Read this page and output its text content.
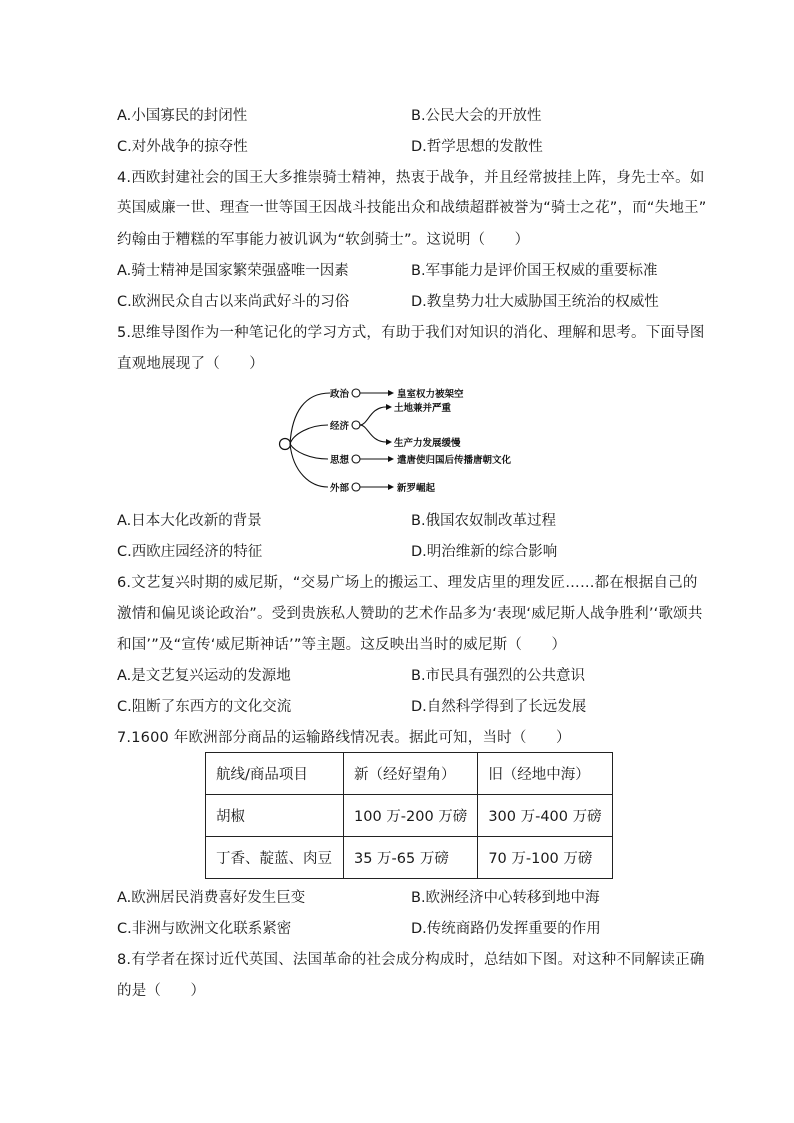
A.小国寡民的封闭性	B.公民大会的开放性
C.对外战争的掠夺性	D.哲学思想的发散性
4.西欧封建社会的国王大多推崇骑士精神，热衷于战争，并且经常披挂上阵，身先士卒。如
英国威廉一世、理查一世等国王因战斗技能出众和战绩超群被誉为“骑士之花”，而“失地王”
约翰由于糟糕的军事能力被讥讽为“软剑骑士”。这说明（　　）
A.骑士精神是国家繁荣强盛唯一因素	B.军事能力是评价国王权威的重要标准
C.欧洲民众自古以来尚武好斗的习俗	D.教皇势力壮大威胁国王统治的权威性
5.思维导图作为一种笔记化的学习方式，有助于我们对知识的消化、理解和思考。下面导图
直观地展现了（　　）
政治
经济
思想
外部
皇室权力被架空
土地兼并严重
生产力发展缓慢
遣唐使归国后传播唐朝文化
新罗崛起
A.日本大化改新的背景	B.俄国农奴制改革过程
C.西欧庄园经济的特征	D.明治维新的综合影响
6.文艺复兴时期的威尼斯，“交易广场上的搬运工、理发店里的理发匠……都在根据自己的
激情和偏见谈论政治”。受到贵族私人赞助的艺术作品多为‘表现‘威尼斯人战争胜利’‘歌颂共
和国’”及“宣传‘威尼斯神话’”等主题。这反映出当时的威尼斯（　　）
A.是文艺复兴运动的发源地	B.市民具有强烈的公共意识
C.阻断了东西方的文化交流	D.自然科学得到了长远发展
7.1600 年欧洲部分商品的运输路线情况表。据此可知，当时（　　）
航线/商品项目	新（经好望角）	旧（经地中海）
胡椒	100 万-200 万磅	300 万-400 万磅
丁香、靛蓝、肉豆	35 万-65 万磅	70 万-100 万磅
A.欧洲居民消费喜好发生巨变	B.欧洲经济中心转移到地中海
C.非洲与欧洲文化联系紧密	D.传统商路仍发挥重要的作用
8.有学者在探讨近代英国、法国革命的社会成分构成时，总结如下图。对这种不同解读正确
的是（　　）
